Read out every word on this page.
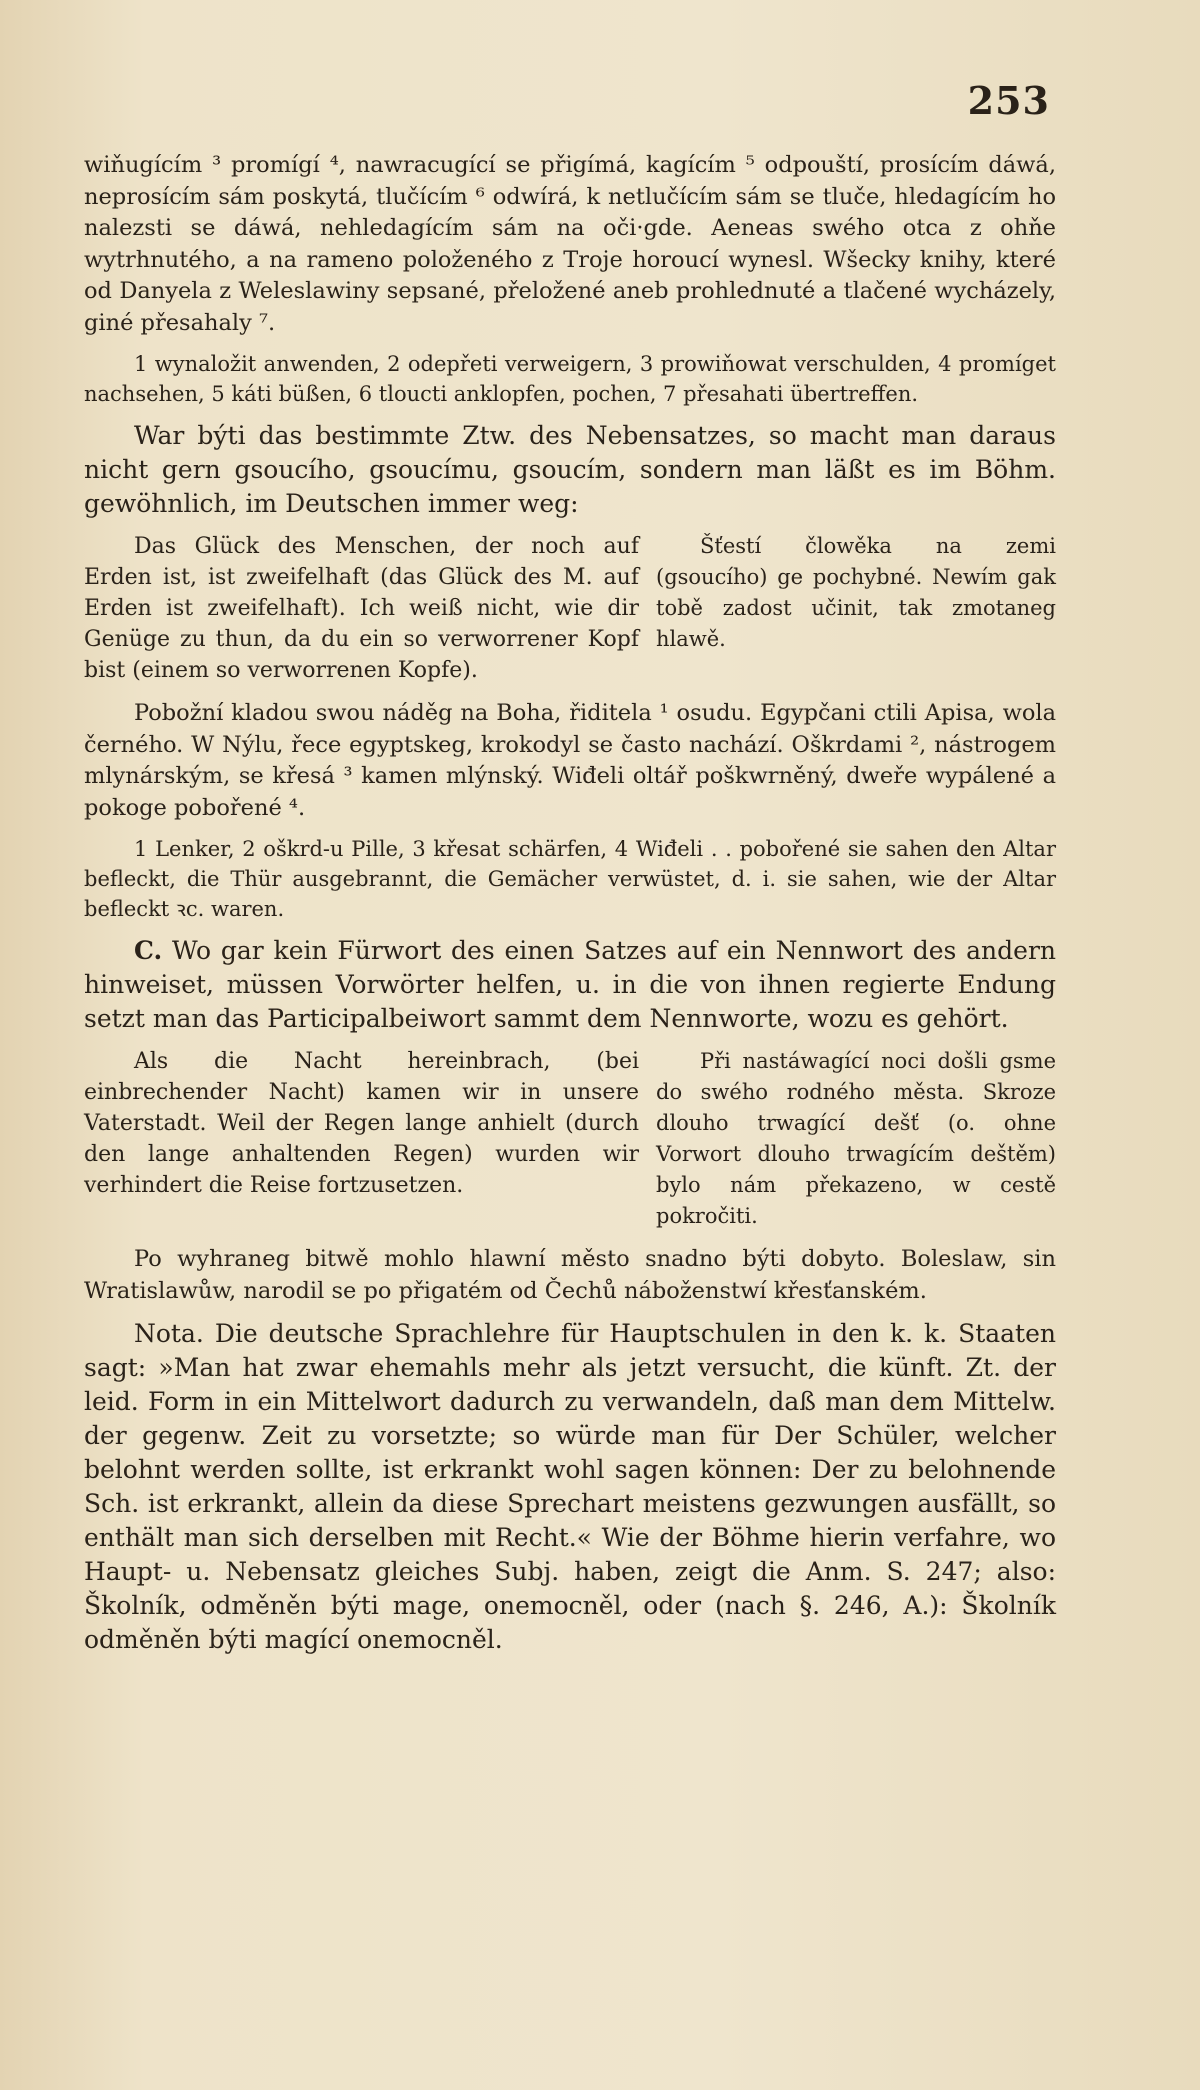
253

wiňugícím ³ promígí ⁴, nawracugící se přigímá, kagícím ⁵ odpouští, prosícím dáwá, neprosícím sám poskytá, tlučícím ⁶ odwírá, k netlučícím sám se tluče, hledagícím ho nalezsti se dáwá, nehledagícím sám na oči·gde. Aeneas swého otca z ohňe wytrhnutého, a na rameno položeného z Troje horoucí wynesl. Wšecky knihy, které od Danyela z Weleslawiny sepsané, přeložené aneb prohlednuté a tlačené wycházely, giné přesahaly ⁷.

1 wynaložit anwenden, 2 odepřeti verweigern, 3 prowiňowat verschulden, 4 promíget nachsehen, 5 káti büßen, 6 tloucti anklopfen, pochen, 7 přesahati übertreffen.

War býti das bestimmte Ztw. des Nebensatzes, so macht man daraus nicht gern gsoucího, gsoucímu, gsoucím, sondern man läßt es im Böhm. gewöhnlich, im Deutschen immer weg:

Das Glück des Menschen, der noch auf Erden ist, ist zweifelhaft (das Glück des M. auf Erden ist zweifelhaft). Ich weiß nicht, wie dir Genüge zu thun, da du ein so verworrener Kopf bist (einem so verworrenen Kopfe).

Šťestí člowěka na zemi (gsoucího) ge pochybné. Newím gak tobě zadost učinit, tak zmotaneg hlawě.

Pobožní kladou swou náděg na Boha, řiditela ¹ osudu. Egypčani ctili Apisa, wola černého. W Nýlu, řece egyptskeg, krokodyl se často nachází. Oškrdami ², nástrogem mlynárským, se křesá ³ kamen mlýnský. Wiđeli oltář poškwrněný, dweře wypálené a pokoge pobořené ⁴.

1 Lenker, 2 oškrd-u Pille, 3 křesat schärfen, 4 Wiđeli . . pobořené sie sahen den Altar befleckt, die Thür ausgebrannt, die Gemächer verwüstet, d. i. sie sahen, wie der Altar befleckt ꝛc. waren.

C. Wo gar kein Fürwort des einen Satzes auf ein Nennwort des andern hinweiset, müssen Vorwörter helfen, u. in die von ihnen regierte Endung setzt man das Participalbeiwort sammt dem Nennworte, wozu es gehört.

Als die Nacht hereinbrach, (bei einbrechender Nacht) kamen wir in unsere Vaterstadt. Weil der Regen lange anhielt (durch den lange anhaltenden Regen) wurden wir verhindert die Reise fortzusetzen.

Při nastáwagící noci došli gsme do swého rodného města. Skroze dlouho trwagící dešť (o. ohne Vorwort dlouho trwagícím deštěm) bylo nám překazeno, w cestě pokročiti.

Po wyhraneg bitwě mohlo hlawní město snadno býti dobyto. Boleslaw, sin Wratislawůw, narodil se po přigatém od Čechů náboženstwí křesťanském.

Nota. Die deutsche Sprachlehre für Hauptschulen in den k. k. Staaten sagt: »Man hat zwar ehemahls mehr als jetzt versucht, die künft. Zt. der leid. Form in ein Mittelwort dadurch zu verwandeln, daß man dem Mittelw. der gegenw. Zeit zu vorsetzte; so würde man für Der Schüler, welcher belohnt werden sollte, ist erkrankt wohl sagen können: Der zu belohnende Sch. ist erkrankt, allein da diese Sprechart meistens gezwungen ausfällt, so enthält man sich derselben mit Recht.« Wie der Böhme hierin verfahre, wo Haupt- u. Nebensatz gleiches Subj. haben, zeigt die Anm. S. 247; also: Školník, odměněn býti mage, onemocněl, oder (nach §. 246, A.): Školník odměněn býti magící onemocněl.
